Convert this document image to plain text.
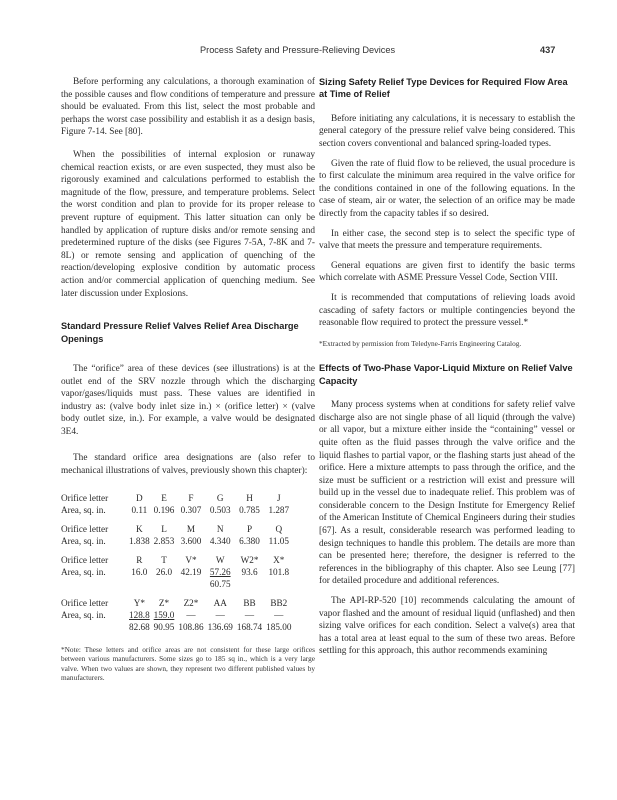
Process Safety and Pressure-Relieving Devices	437

Before performing any calculations, a thorough examination of the possible causes and flow conditions of temperature and pressure should be evaluated. From this list, select the most probable and perhaps the worst case possibility and establish it as a design basis, Figure 7-14. See [80].

When the possibilities of internal explosion or runaway chemical reaction exists, or are even suspected, they must also be rigorously examined and calculations performed to establish the magnitude of the flow, pressure, and temperature problems. Select the worst condition and plan to provide for its proper release to prevent rupture of equipment. This latter situation can only be handled by application of rupture disks and/or remote sensing and predetermined rupture of the disks (see Figures 7-5A, 7-8K and 7-8L) or remote sensing and application of quenching of the reaction/developing explosive condition by automatic process action and/or commercial application of quenching medium. See later discussion under Explosions.

Standard Pressure Relief Valves Relief Area Discharge Openings

The “orifice” area of these devices (see illustrations) is at the outlet end of the SRV nozzle through which the discharging vapor/gases/liquids must pass. These values are identified in industry as: (valve body inlet size in.) × (orifice letter) × (valve body outlet size, in.). For example, a valve would be designated 3E4.

The standard orifice area designations are (also refer to mechanical illustrations of valves, previously shown this chapter):

Orifice letter	D	E	F	G	H	J
Area, sq. in.	0.11	0.196	0.307	0.503	0.785	1.287

Orifice letter	K	L	M	N	P	Q
Area, sq. in.	1.838	2.853	3.600	4.340	6.380	11.05

Orifice letter	R	T	V*	W	W2*	X*
Area, sq. in.	16.0	26.0	42.19	57.26	93.6	101.8
				60.75		

Orifice letter	Y*	Z*	Z2*	AA	BB	BB2
Area, sq. in.	128.8	159.0	—	—	—	—
	82.68	90.95	108.86	136.69	168.74	185.00

*Note: These letters and orifice areas are not consistent for these large orifices between various manufacturers. Some sizes go to 185 sq in., which is a very large valve. When two values are shown, they represent two different published values by manufacturers.

Sizing Safety Relief Type Devices for Required Flow Area at Time of Relief

Before initiating any calculations, it is necessary to establish the general category of the pressure relief valve being considered. This section covers conventional and balanced spring-loaded types.

Given the rate of fluid flow to be relieved, the usual procedure is to first calculate the minimum area required in the valve orifice for the conditions contained in one of the following equations. In the case of steam, air or water, the selection of an orifice may be made directly from the capacity tables if so desired.

In either case, the second step is to select the specific type of valve that meets the pressure and temperature requirements.

General equations are given first to identify the basic terms which correlate with ASME Pressure Vessel Code, Section VIII.

It is recommended that computations of relieving loads avoid cascading of safety factors or multiple contingencies beyond the reasonable flow required to protect the pressure vessel.*

*Extracted by permission from Teledyne-Farris Engineering Catalog.

Effects of Two-Phase Vapor-Liquid Mixture on Relief Valve Capacity

Many process systems when at conditions for safety relief valve discharge also are not single phase of all liquid (through the valve) or all vapor, but a mixture either inside the “containing” vessel or quite often as the fluid passes through the valve orifice and the liquid flashes to partial vapor, or the flashing starts just ahead of the orifice. Here a mixture attempts to pass through the orifice, and the size must be sufficient or a restriction will exist and pressure will build up in the vessel due to inadequate relief. This problem was of considerable concern to the Design Institute for Emergency Relief of the American Institute of Chemical Engineers during their studies [67]. As a result, considerable research was performed leading to design techniques to handle this problem. The details are more than can be presented here; therefore, the designer is referred to the references in the bibliography of this chapter. Also see Leung [77] for detailed procedure and additional references.

The API-RP-520 [10] recommends calculating the amount of vapor flashed and the amount of residual liquid (unflashed) and then sizing valve orifices for each condition. Select a valve(s) area that has a total area at least equal to the sum of these two areas. Before settling for this approach, this author recommends examining
